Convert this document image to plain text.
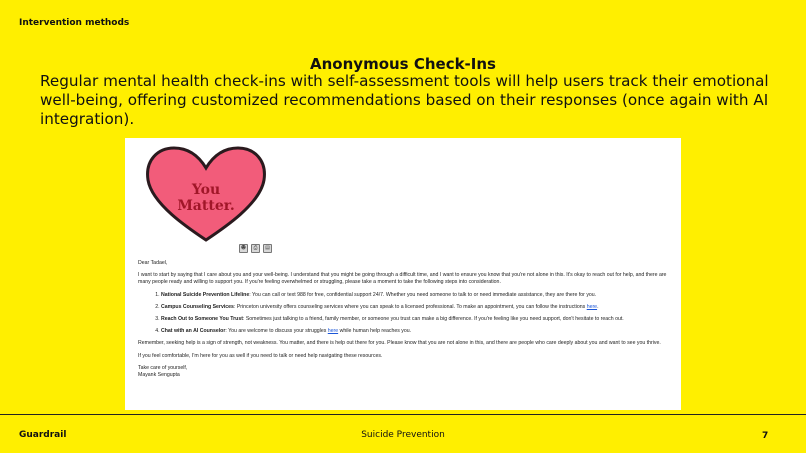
Intervention methods
Anonymous Check-Ins
Regular mental health check-ins with self-assessment tools will help users track their emotional well-being, offering customized recommendations based on their responses (once again with AI integration).
You
Matter.
☻	⎙	▤

Dear Tadael,

I want to start by saying that I care about you and your well-being. I understand that you might be going through a difficult time, and I want to ensure you know that you're not alone in this. It's okay to reach out for help, and there are many people ready and willing to support you. If you're feeling overwhelmed or struggling, please take a moment to take the following steps into consideration.

1. National Suicide Prevention Lifeline: You can call or text 988 for free, confidential support 24/7. Whether you need someone to talk to or need immediate assistance, they are there for you.
2. Campus Counseling Services: Princeton university offers counseling services where you can speak to a licensed professional. To make an appointment, you can follow the instructions here.
3. Reach Out to Someone You Trust: Sometimes just talking to a friend, family member, or someone you trust can make a big difference. If you're feeling like you need support, don't hesitate to reach out.
4. Chat with an AI Counselor: You are welcome to discuss your struggles here while human help reaches you.

Remember, seeking help is a sign of strength, not weakness. You matter, and there is help out there for you. Please know that you are not alone in this, and there are people who care deeply about you and want to see you thrive.

If you feel comfortable, I'm here for you as well if you need to talk or need help navigating these resources.

Take care of yourself,
Mayank Sengupta
Guardrail	Suicide Prevention	7
